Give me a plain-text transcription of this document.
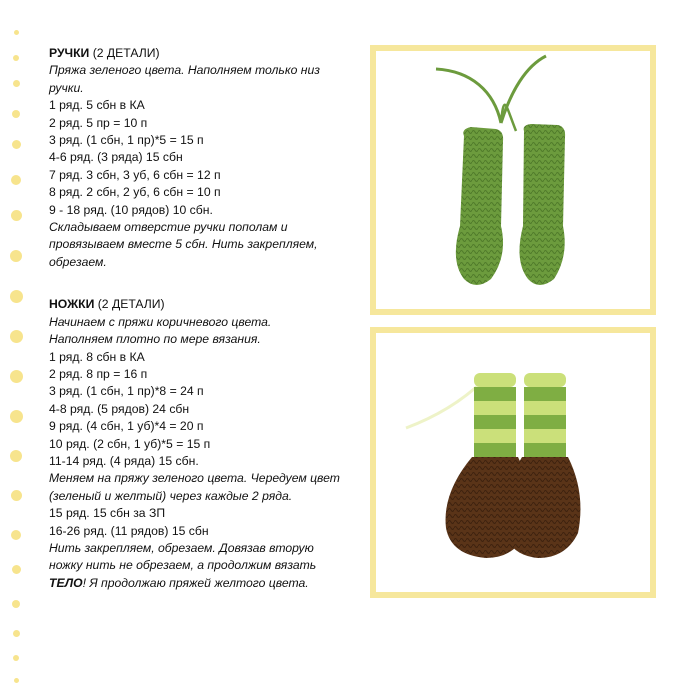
РУЧКИ (2 ДЕТАЛИ)
Пряжа зеленого цвета. Наполняем только низ ручки.
1 ряд. 5 сбн в КА
2 ряд. 5 пр = 10 п
3 ряд. (1 сбн, 1 пр)*5 = 15 п
4-6 ряд. (3 ряда) 15 сбн
7 ряд. 3 сбн, 3 уб, 6 сбн = 12 п
8 ряд. 2 сбн, 2 уб, 6 сбн = 10 п
9 - 18 ряд. (10 рядов) 10 сбн.
Складываем отверстие ручки пополам и провязываем вместе 5 сбн. Нить закрепляем, обрезаем.
НОЖКИ (2 ДЕТАЛИ)
Начинаем с пряжи коричневого цвета. Наполняем плотно по мере вязания.
1 ряд. 8 сбн в КА
2 ряд. 8 пр = 16 п
3 ряд. (1 сбн, 1 пр)*8 = 24 п
4-8 ряд. (5 рядов) 24 сбн
9 ряд. (4 сбн, 1 уб)*4 = 20 п
10 ряд. (2 сбн, 1 уб)*5 = 15 п
11-14 ряд. (4 ряда) 15 сбн.
Меняем на пряжу зеленого цвета. Чередуем цвет (зеленый и желтый) через каждые 2 ряда.
15 ряд. 15 сбн за ЗП
16-26 ряд. (11 рядов) 15 сбн
Нить закрепляем, обрезаем. Довязав вторую ножку нить не обрезаем, а продолжим вязать ТЕЛО! Я продолжаю пряжей желтого цвета.
